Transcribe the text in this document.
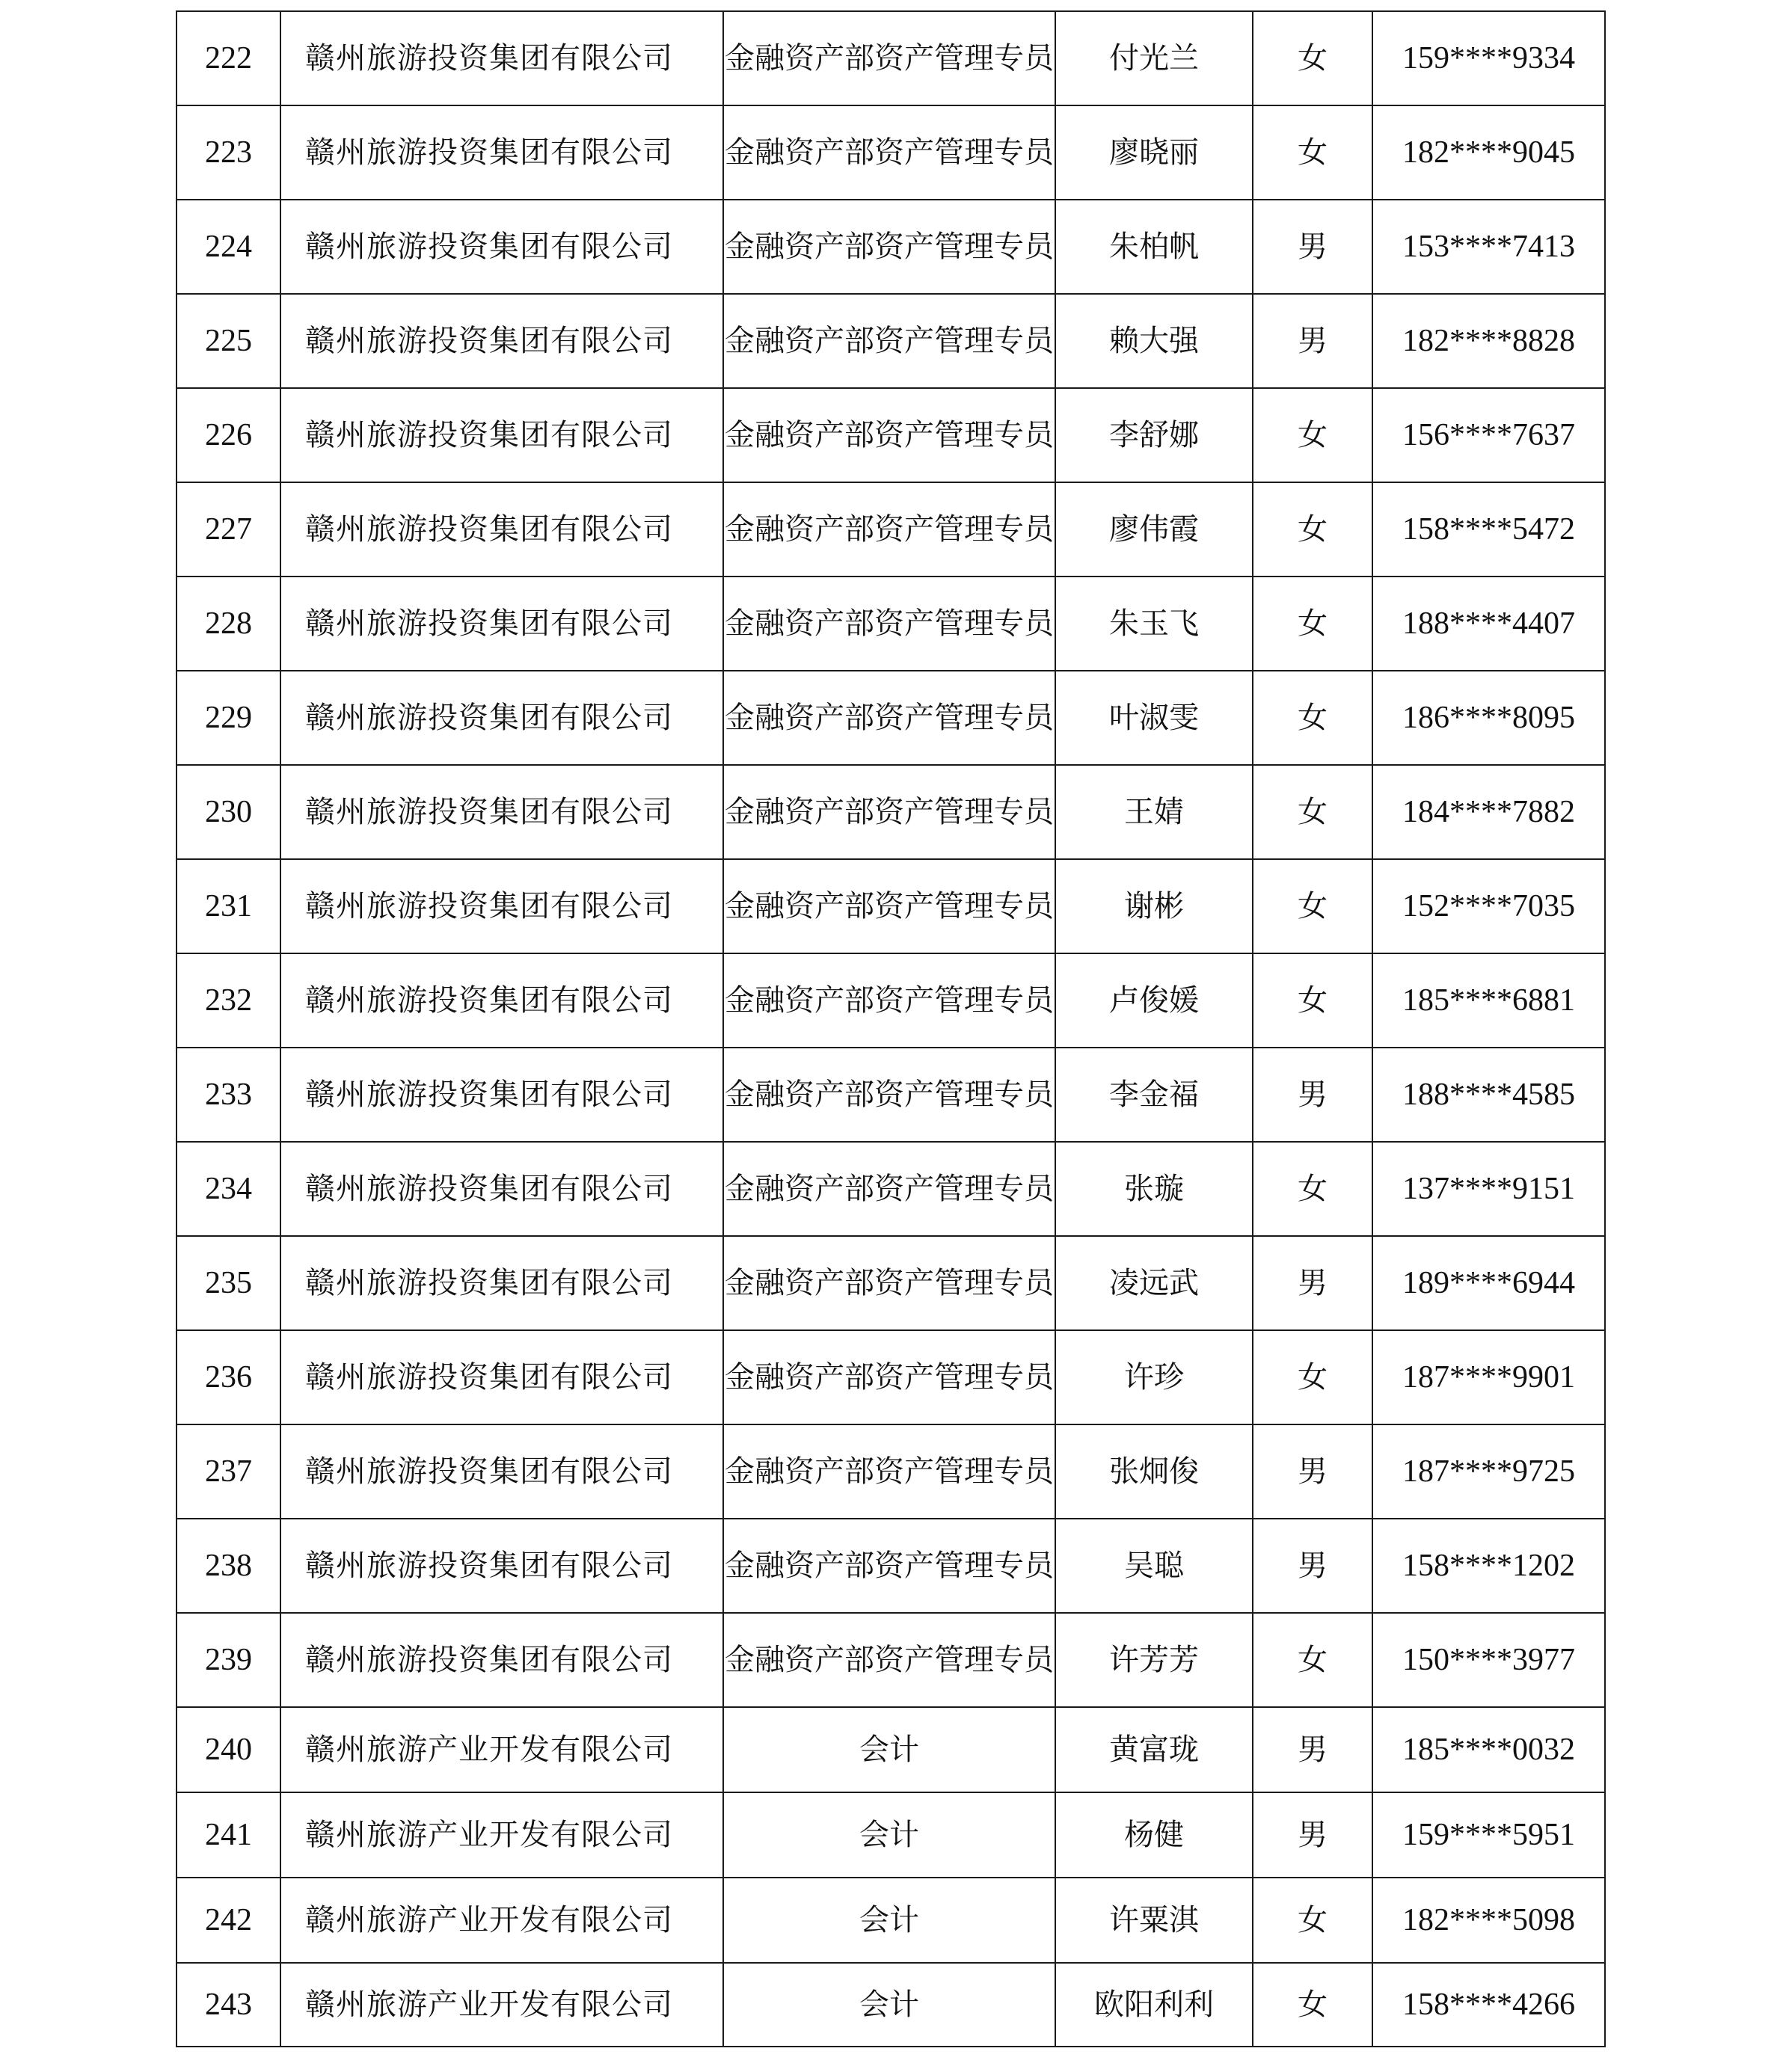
222	赣州旅游投资集团有限公司	金融资产部资产管理专员	付光兰	女	159****9334
223	赣州旅游投资集团有限公司	金融资产部资产管理专员	廖晓丽	女	182****9045
224	赣州旅游投资集团有限公司	金融资产部资产管理专员	朱柏帆	男	153****7413
225	赣州旅游投资集团有限公司	金融资产部资产管理专员	赖大强	男	182****8828
226	赣州旅游投资集团有限公司	金融资产部资产管理专员	李舒娜	女	156****7637
227	赣州旅游投资集团有限公司	金融资产部资产管理专员	廖伟霞	女	158****5472
228	赣州旅游投资集团有限公司	金融资产部资产管理专员	朱玉飞	女	188****4407
229	赣州旅游投资集团有限公司	金融资产部资产管理专员	叶淑雯	女	186****8095
230	赣州旅游投资集团有限公司	金融资产部资产管理专员	王婧	女	184****7882
231	赣州旅游投资集团有限公司	金融资产部资产管理专员	谢彬	女	152****7035
232	赣州旅游投资集团有限公司	金融资产部资产管理专员	卢俊媛	女	185****6881
233	赣州旅游投资集团有限公司	金融资产部资产管理专员	李金福	男	188****4585
234	赣州旅游投资集团有限公司	金融资产部资产管理专员	张璇	女	137****9151
235	赣州旅游投资集团有限公司	金融资产部资产管理专员	凌远武	男	189****6944
236	赣州旅游投资集团有限公司	金融资产部资产管理专员	许珍	女	187****9901
237	赣州旅游投资集团有限公司	金融资产部资产管理专员	张炯俊	男	187****9725
238	赣州旅游投资集团有限公司	金融资产部资产管理专员	吴聪	男	158****1202
239	赣州旅游投资集团有限公司	金融资产部资产管理专员	许芳芳	女	150****3977
240	赣州旅游产业开发有限公司	会计	黄富珑	男	185****0032
241	赣州旅游产业开发有限公司	会计	杨健	男	159****5951
242	赣州旅游产业开发有限公司	会计	许粟淇	女	182****5098
243	赣州旅游产业开发有限公司	会计	欧阳利利	女	158****4266
